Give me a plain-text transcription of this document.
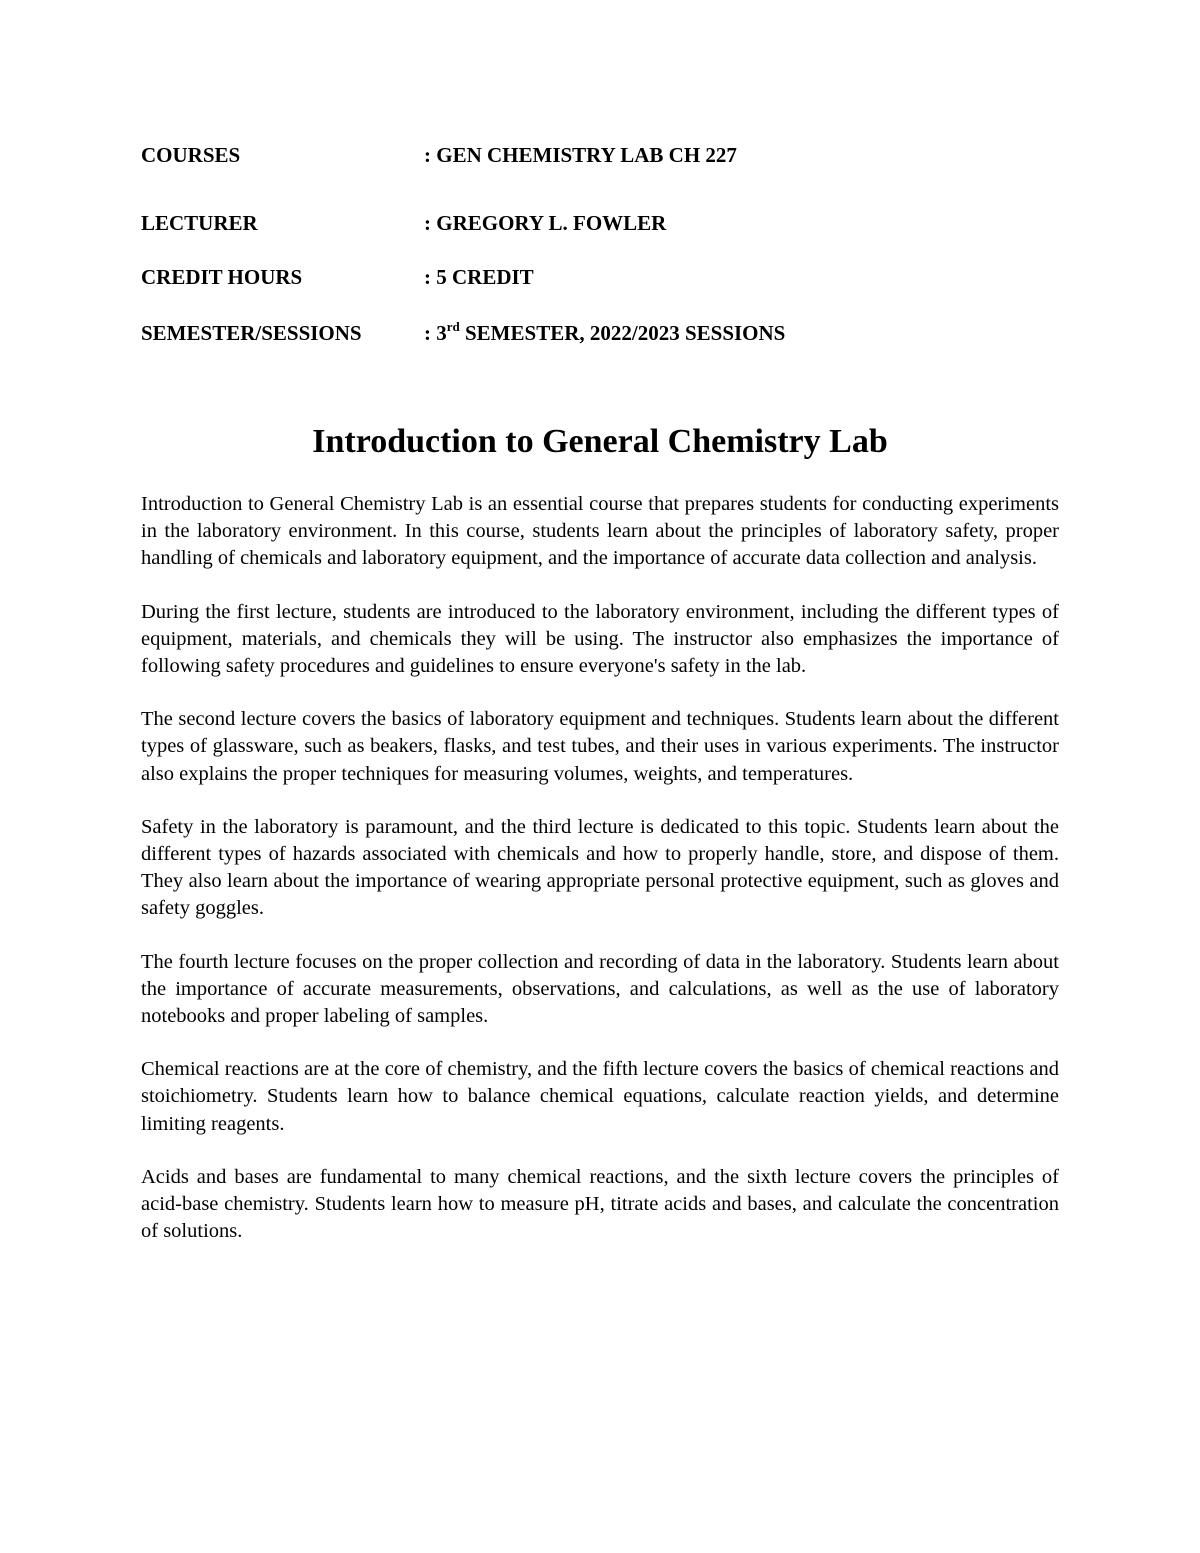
COURSES	: GEN CHEMISTRY LAB CH 227
LECTURER	: GREGORY L. FOWLER
CREDIT HOURS	: 5 CREDIT
SEMESTER/SESSIONS	: 3rd SEMESTER, 2022/2023 SESSIONS
Introduction to General Chemistry Lab

Introduction to General Chemistry Lab is an essential course that prepares students for conducting experiments in the laboratory environment. In this course, students learn about the principles of laboratory safety, proper handling of chemicals and laboratory equipment, and the importance of accurate data collection and analysis.

During the first lecture, students are introduced to the laboratory environment, including the different types of equipment, materials, and chemicals they will be using. The instructor also emphasizes the importance of following safety procedures and guidelines to ensure everyone's safety in the lab.

The second lecture covers the basics of laboratory equipment and techniques. Students learn about the different types of glassware, such as beakers, flasks, and test tubes, and their uses in various experiments. The instructor also explains the proper techniques for measuring volumes, weights, and temperatures.

Safety in the laboratory is paramount, and the third lecture is dedicated to this topic. Students learn about the different types of hazards associated with chemicals and how to properly handle, store, and dispose of them. They also learn about the importance of wearing appropriate personal protective equipment, such as gloves and safety goggles.

The fourth lecture focuses on the proper collection and recording of data in the laboratory. Students learn about the importance of accurate measurements, observations, and calculations, as well as the use of laboratory notebooks and proper labeling of samples.

Chemical reactions are at the core of chemistry, and the fifth lecture covers the basics of chemical reactions and stoichiometry. Students learn how to balance chemical equations, calculate reaction yields, and determine limiting reagents.

Acids and bases are fundamental to many chemical reactions, and the sixth lecture covers the principles of acid-base chemistry. Students learn how to measure pH, titrate acids and bases, and calculate the concentration of solutions.
